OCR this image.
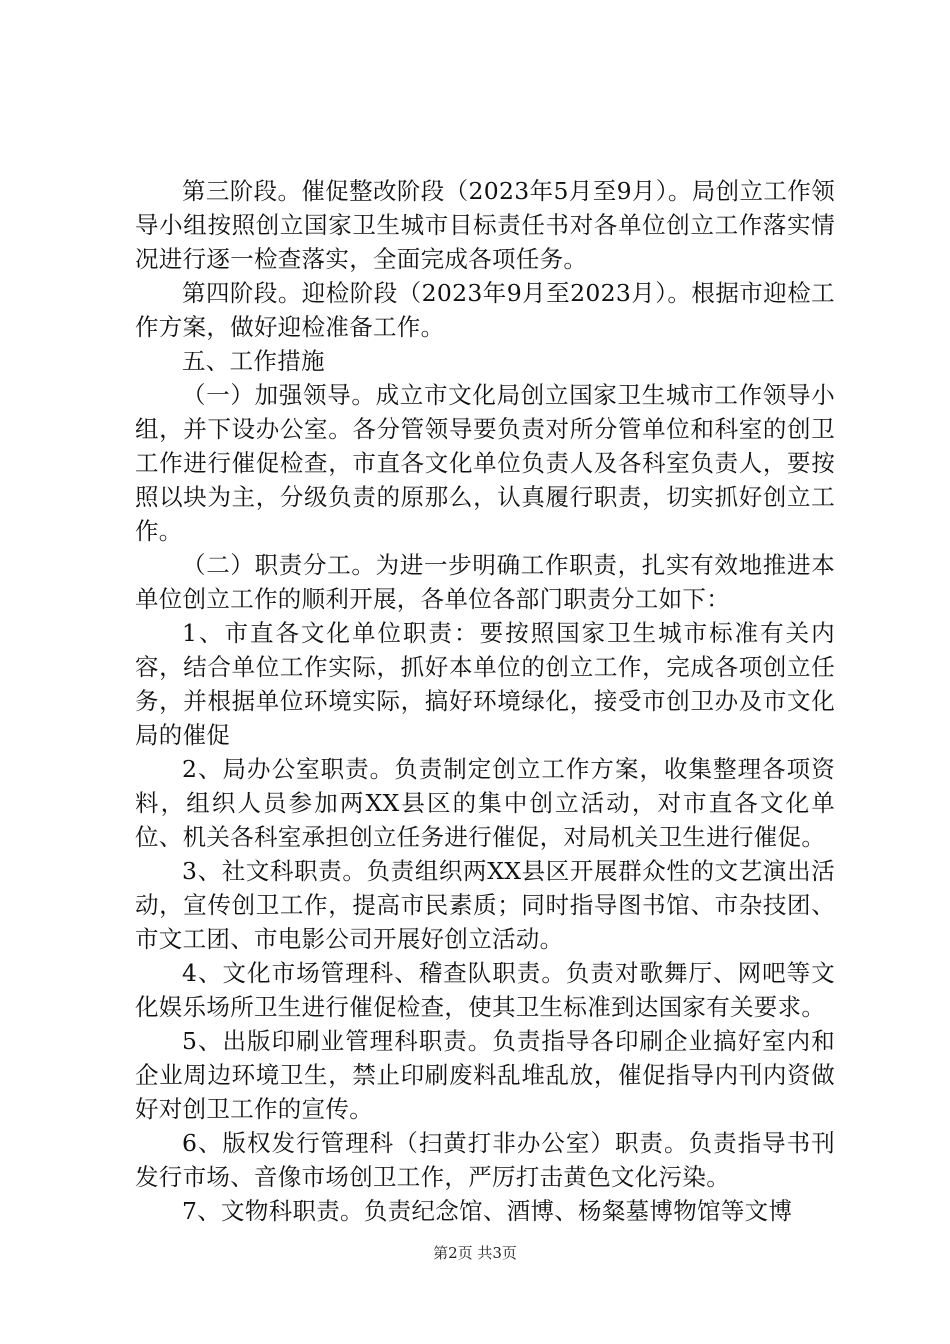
第三阶段。催促整改阶段（2023年5月至9月）。局创立工作领导小组按照创立国家卫生城市目标责任书对各单位创立工作落实情况进行逐一检查落实，全面完成各项任务。

第四阶段。迎检阶段（2023年9月至2023月）。根据市迎检工作方案，做好迎检准备工作。

五、工作措施

（一）加强领导。成立市文化局创立国家卫生城市工作领导小组，并下设办公室。各分管领导要负责对所分管单位和科室的创卫工作进行催促检查，市直各文化单位负责人及各科室负责人，要按照以块为主，分级负责的原那么，认真履行职责，切实抓好创立工作。

（二）职责分工。为进一步明确工作职责，扎实有效地推进本单位创立工作的顺利开展，各单位各部门职责分工如下：

1、市直各文化单位职责：要按照国家卫生城市标准有关内容，结合单位工作实际，抓好本单位的创立工作，完成各项创立任务，并根据单位环境实际，搞好环境绿化，接受市创卫办及市文化局的催促

2、局办公室职责。负责制定创立工作方案，收集整理各项资料，组织人员参加两XX县区的集中创立活动，对市直各文化单位、机关各科室承担创立任务进行催促，对局机关卫生进行催促。

3、社文科职责。负责组织两XX县区开展群众性的文艺演出活动，宣传创卫工作，提高市民素质；同时指导图书馆、市杂技团、市文工团、市电影公司开展好创立活动。

4、文化市场管理科、稽查队职责。负责对歌舞厅、网吧等文化娱乐场所卫生进行催促检查，使其卫生标准到达国家有关要求。

5、出版印刷业管理科职责。负责指导各印刷企业搞好室内和企业周边环境卫生，禁止印刷废料乱堆乱放，催促指导内刊内资做好对创卫工作的宣传。

6、版权发行管理科（扫黄打非办公室）职责。负责指导书刊发行市场、音像市场创卫工作，严厉打击黄色文化污染。

7、文物科职责。负责纪念馆、酒博、杨粲墓博物馆等文博

第2页 共3页
